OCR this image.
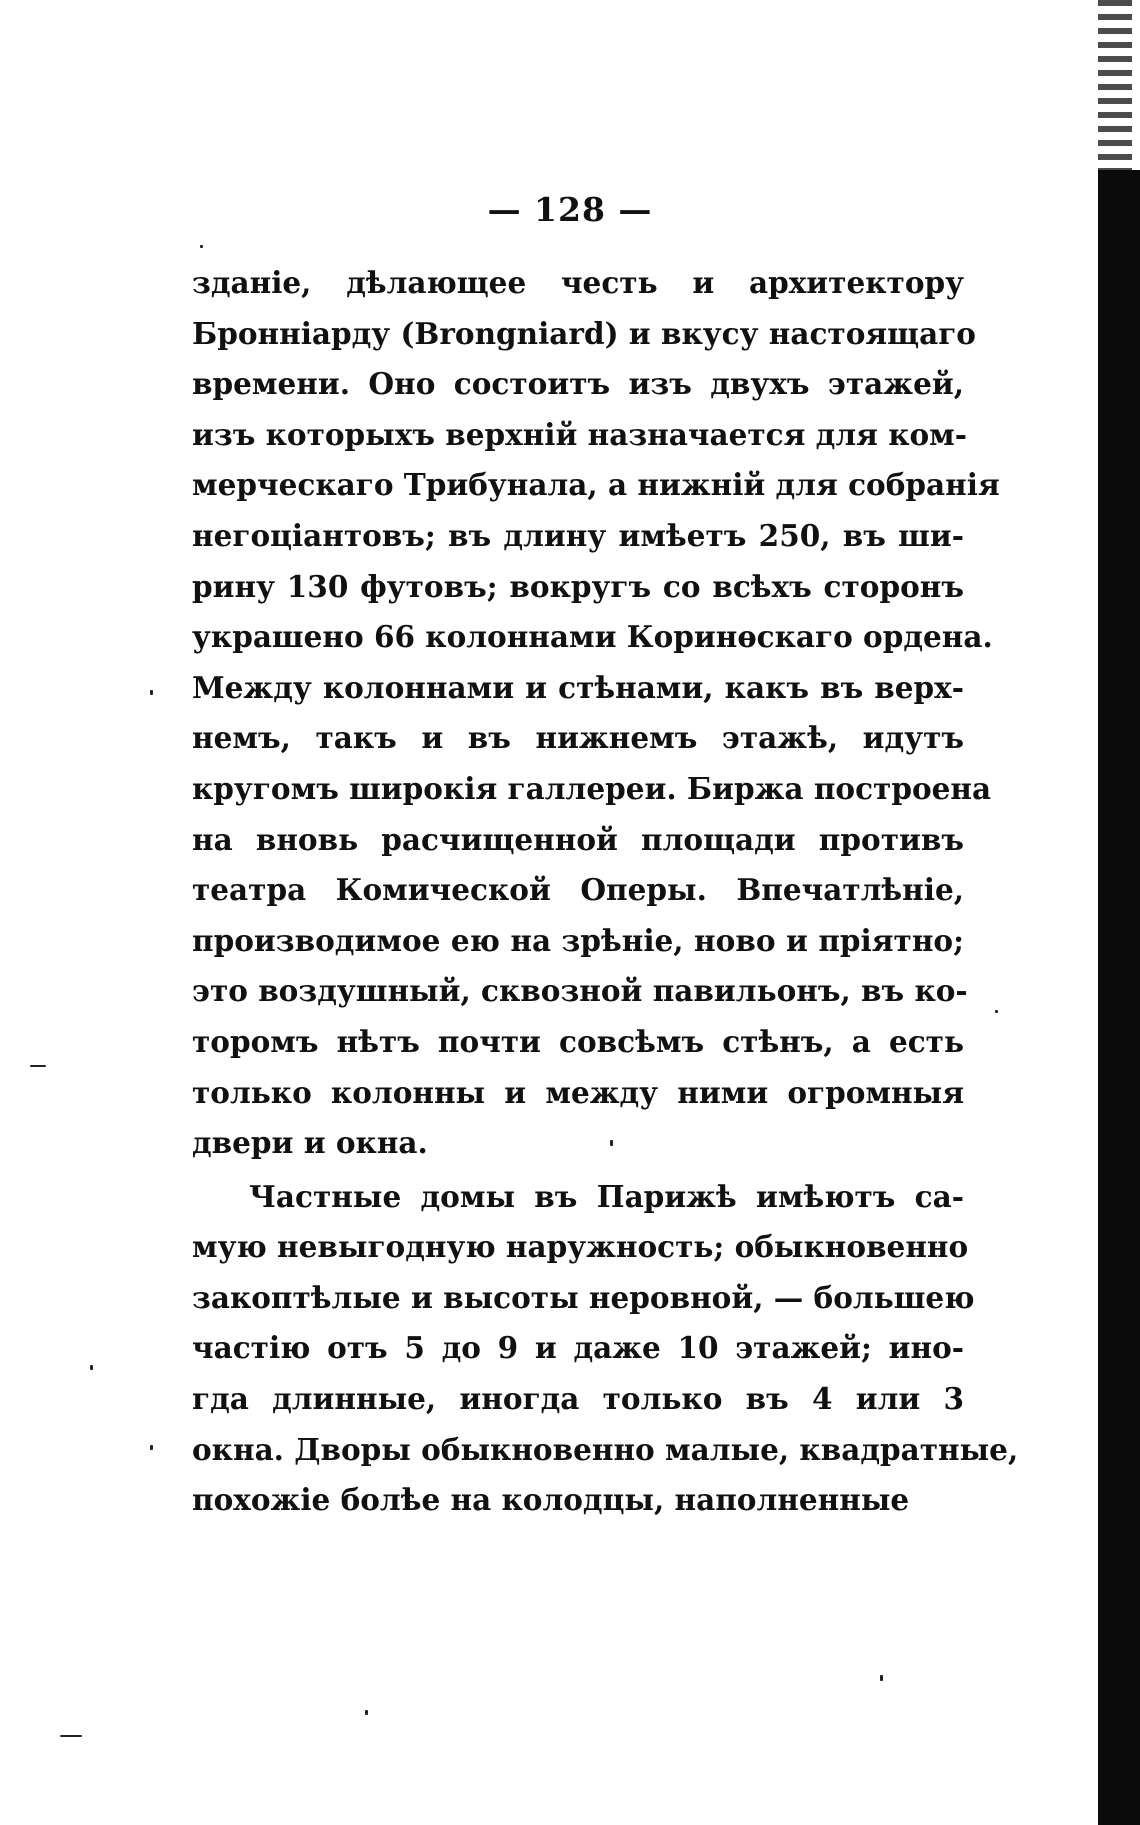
— 128 —
зданіе, дѣлающее честь и архитектору
Бронніарду (Brongniard) и вкусу настоящаго
времени. Оно состоитъ изъ двухъ этажей,
изъ которыхъ верхній назначается для ком-
мерческаго Трибунала, а нижній для собранія
негоціантовъ; въ длину имѣетъ 250, въ ши-
рину 130 футовъ; вокругъ со всѣхъ сторонъ
украшено 66 колоннами Коринѳскаго ордена.
Между колоннами и стѣнами, какъ въ верх-
немъ, такъ и въ нижнемъ этажѣ, идутъ
кругомъ широкія галлереи. Биржа построена
на вновь расчищенной площади противъ
театра Комической Оперы. Впечатлѣніе,
производимое ею на зрѣніе, ново и пріятно;
это воздушный, сквозной павильонъ, въ ко-
торомъ нѣтъ почти совсѣмъ стѣнъ, а есть
только колонны и между ними огромныя
двери и окна.
Частные домы въ Парижѣ имѣютъ са-
мую невыгодную наружность; обыкновенно
закоптѣлые и высоты неровной, — большею
частію отъ 5 до 9 и даже 10 этажей; ино-
гда длинные, иногда только въ 4 или 3
окна. Дворы обыкновенно малые, квадратные,
похожіе болѣе на колодцы, наполненные
